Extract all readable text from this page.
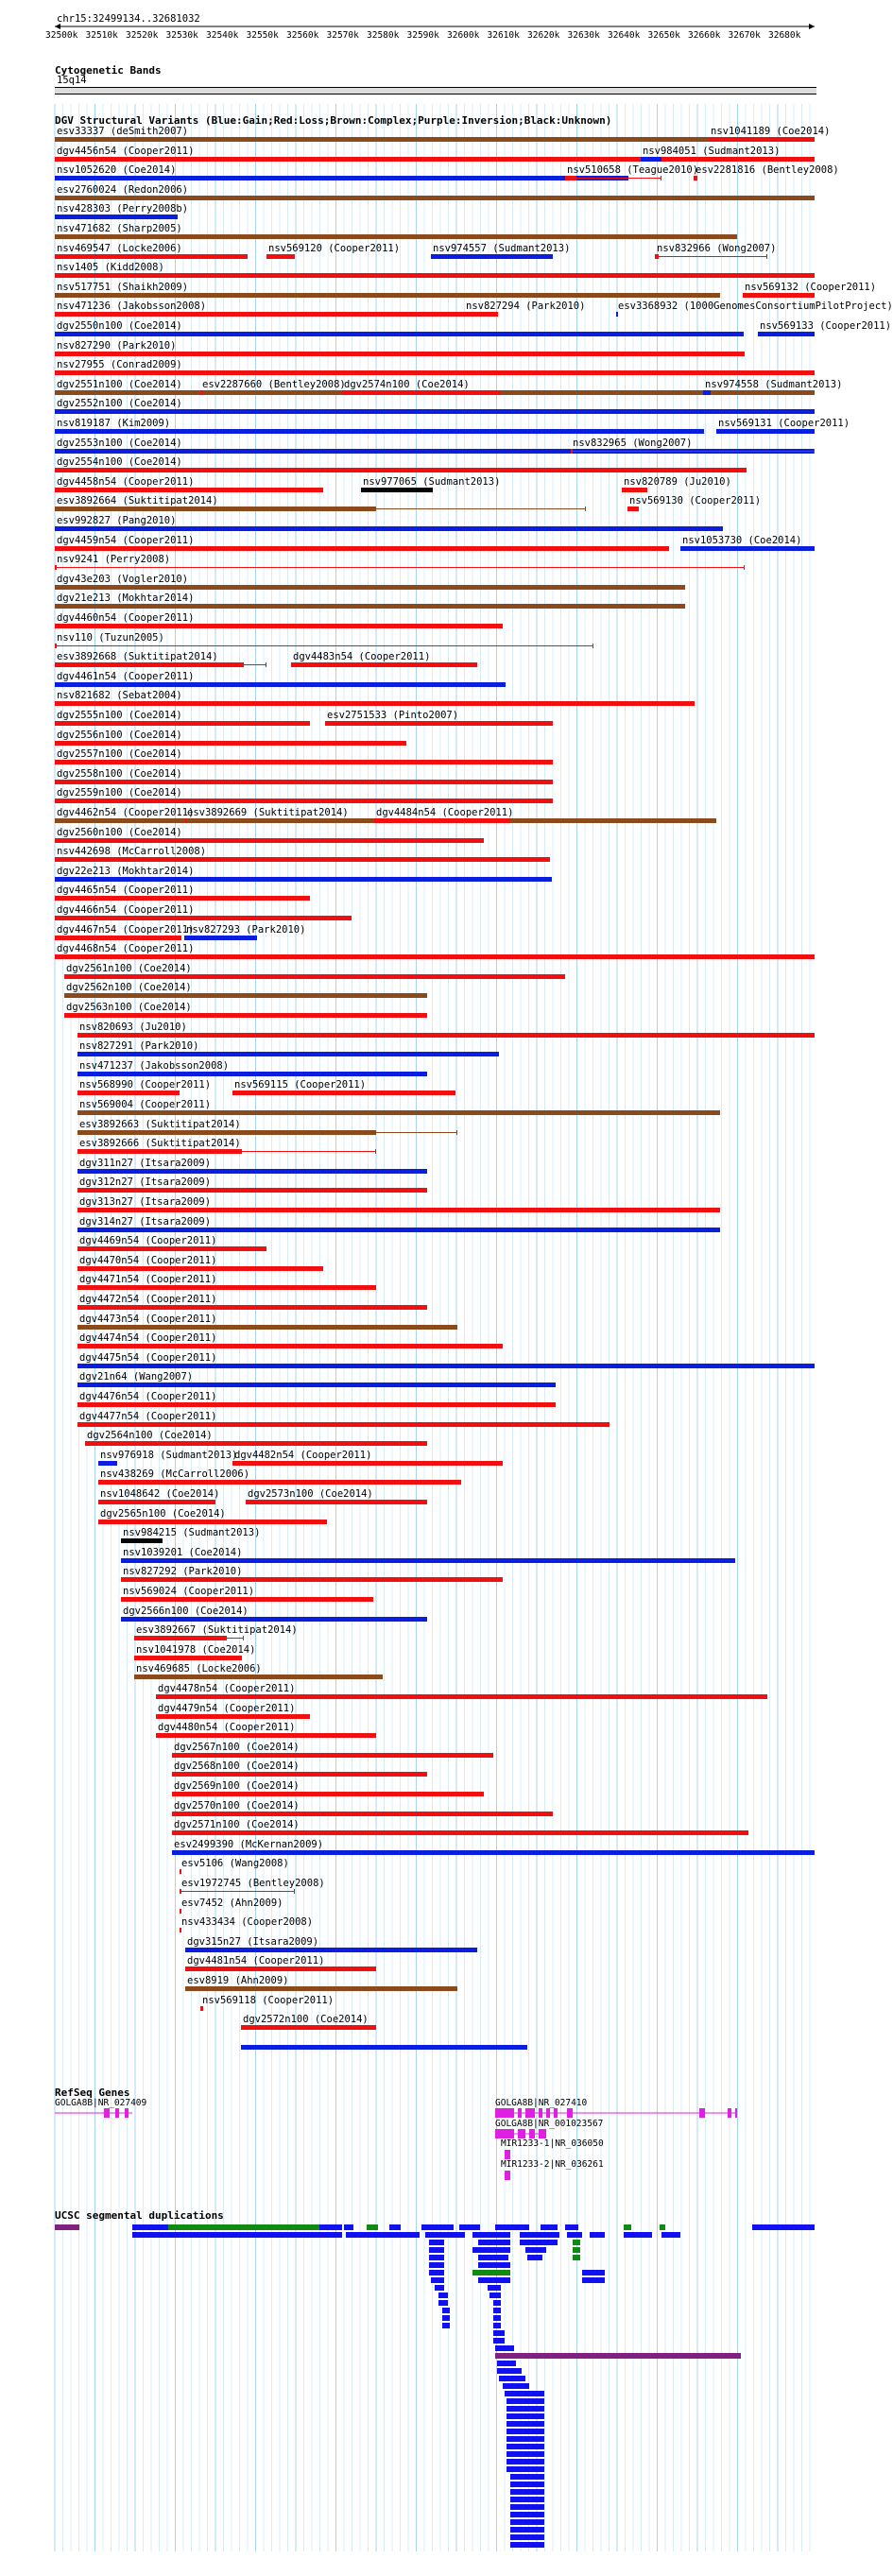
chr15:32499134..32681032
32500k 32510k 32520k 32530k 32540k 32550k 32560k 32570k 32580k 32590k 32600k 32610k 32620k 32630k 32640k 32650k 32660k 32670k 32680k
Cytogenetic Bands
15q14
DGV Structural Variants (Blue:Gain;Red:Loss;Brown:Complex;Purple:Inversion;Black:Unknown)
esv33337 (deSmith2007)	nsv1041189 (Coe2014)
dgv4456n54 (Cooper2011)	nsv984051 (Sudmant2013)
nsv1052620 (Coe2014)	nsv510658 (Teague2010)
esv2281816 (Bentley2008)
esv2760024 (Redon2006)
nsv428303 (Perry2008b)
nsv471682 (Sharp2005)
nsv469547 (Locke2006)	nsv569120 (Cooper2011)	nsv974557 (Sudmant2013)	nsv832966 (Wong2007)
nsv1405 (Kidd2008)
nsv517751 (Shaikh2009)	nsv569132 (Cooper2011)
nsv471236 (Jakobsson2008)	nsv827294 (Park2010)	esv3368932 (1000GenomesConsortiumPilotProject)
dgv2550n100 (Coe2014)	nsv569133 (Cooper2011)
nsv827290 (Park2010)
nsv27955 (Conrad2009)
dgv2551n100 (Coe2014) esv2287660 (Bentley2008)
dgv2574n100 (Coe2014)	nsv974558 (Sudmant2013)
dgv2552n100 (Coe2014)
nsv819187 (Kim2009)	nsv569131 (Cooper2011)
dgv2553n100 (Coe2014)	nsv832965 (Wong2007)
dgv2554n100 (Coe2014)
dgv4458n54 (Cooper2011)	nsv977065 (Sudmant2013)	nsv820789 (Ju2010)
esv3892664 (Suktitipat2014)	nsv569130 (Cooper2011)
esv992827 (Pang2010)
dgv4459n54 (Cooper2011)	nsv1053730 (Coe2014)
nsv9241 (Perry2008)
dgv43e203 (Vogler2010)
dgv21e213 (Mokhtar2014)
dgv4460n54 (Cooper2011)
nsv110 (Tuzun2005)
esv3892668 (Suktitipat2014)	dgv4483n54 (Cooper2011)
dgv4461n54 (Cooper2011)
nsv821682 (Sebat2004)
dgv2555n100 (Coe2014)	esv2751533 (Pinto2007)
dgv2556n100 (Coe2014)
dgv2557n100 (Coe2014)
dgv2558n100 (Coe2014)
dgv2559n100 (Coe2014)
dgv4462n54 (Cooper2011)
esv3892669 (Suktitipat2014)	dgv4484n54 (Cooper2011)
dgv2560n100 (Coe2014)
nsv442698 (McCarroll2008)
dgv22e213 (Mokhtar2014)
dgv4465n54 (Cooper2011)
dgv4466n54 (Cooper2011)
dgv4467n54 (Cooper2011)
nsv827293 (Park2010)
dgv4468n54 (Cooper2011)
dgv2561n100 (Coe2014)
dgv2562n100 (Coe2014)
dgv2563n100 (Coe2014)
nsv820693 (Ju2010)
nsv827291 (Park2010)
nsv471237 (Jakobsson2008)
nsv568990 (Cooper2011) nsv569115 (Cooper2011)
nsv569004 (Cooper2011)
esv3892663 (Suktitipat2014)
esv3892666 (Suktitipat2014)
dgv311n27 (Itsara2009)
dgv312n27 (Itsara2009)
dgv313n27 (Itsara2009)
dgv314n27 (Itsara2009)
dgv4469n54 (Cooper2011)
dgv4470n54 (Cooper2011)
dgv4471n54 (Cooper2011)
dgv4472n54 (Cooper2011)
dgv4473n54 (Cooper2011)
dgv4474n54 (Cooper2011)
dgv4475n54 (Cooper2011)
dgv21n64 (Wang2007)
dgv4476n54 (Cooper2011)
dgv4477n54 (Cooper2011)
dgv2564n100 (Coe2014)
nsv976918 (Sudmant2013)
dgv4482n54 (Cooper2011)
nsv438269 (McCarroll2006)
nsv1048642 (Coe2014)	dgv2573n100 (Coe2014)
dgv2565n100 (Coe2014)
nsv984215 (Sudmant2013)
nsv1039201 (Coe2014)
nsv827292 (Park2010)
nsv569024 (Cooper2011)
dgv2566n100 (Coe2014)
esv3892667 (Suktitipat2014)
nsv1041978 (Coe2014)
nsv469685 (Locke2006)
dgv4478n54 (Cooper2011)
dgv4479n54 (Cooper2011)
dgv4480n54 (Cooper2011)
dgv2567n100 (Coe2014)
dgv2568n100 (Coe2014)
dgv2569n100 (Coe2014)
dgv2570n100 (Coe2014)
dgv2571n100 (Coe2014)
esv2499390 (McKernan2009)
esv5106 (Wang2008)
esv1972745 (Bentley2008)
esv7452 (Ahn2009)
nsv433434 (Cooper2008)
dgv315n27 (Itsara2009)
dgv4481n54 (Cooper2011)
esv8919 (Ahn2009)
nsv569118 (Cooper2011)
dgv2572n100 (Coe2014)
RefSeq Genes
GOLGA8B|NR_027409	GOLGA8B|NR_027410
GOLGA8B|NR_001023567
MIR1233-1|NR_036050
MIR1233-2|NR_036261
UCSC segmental duplications
